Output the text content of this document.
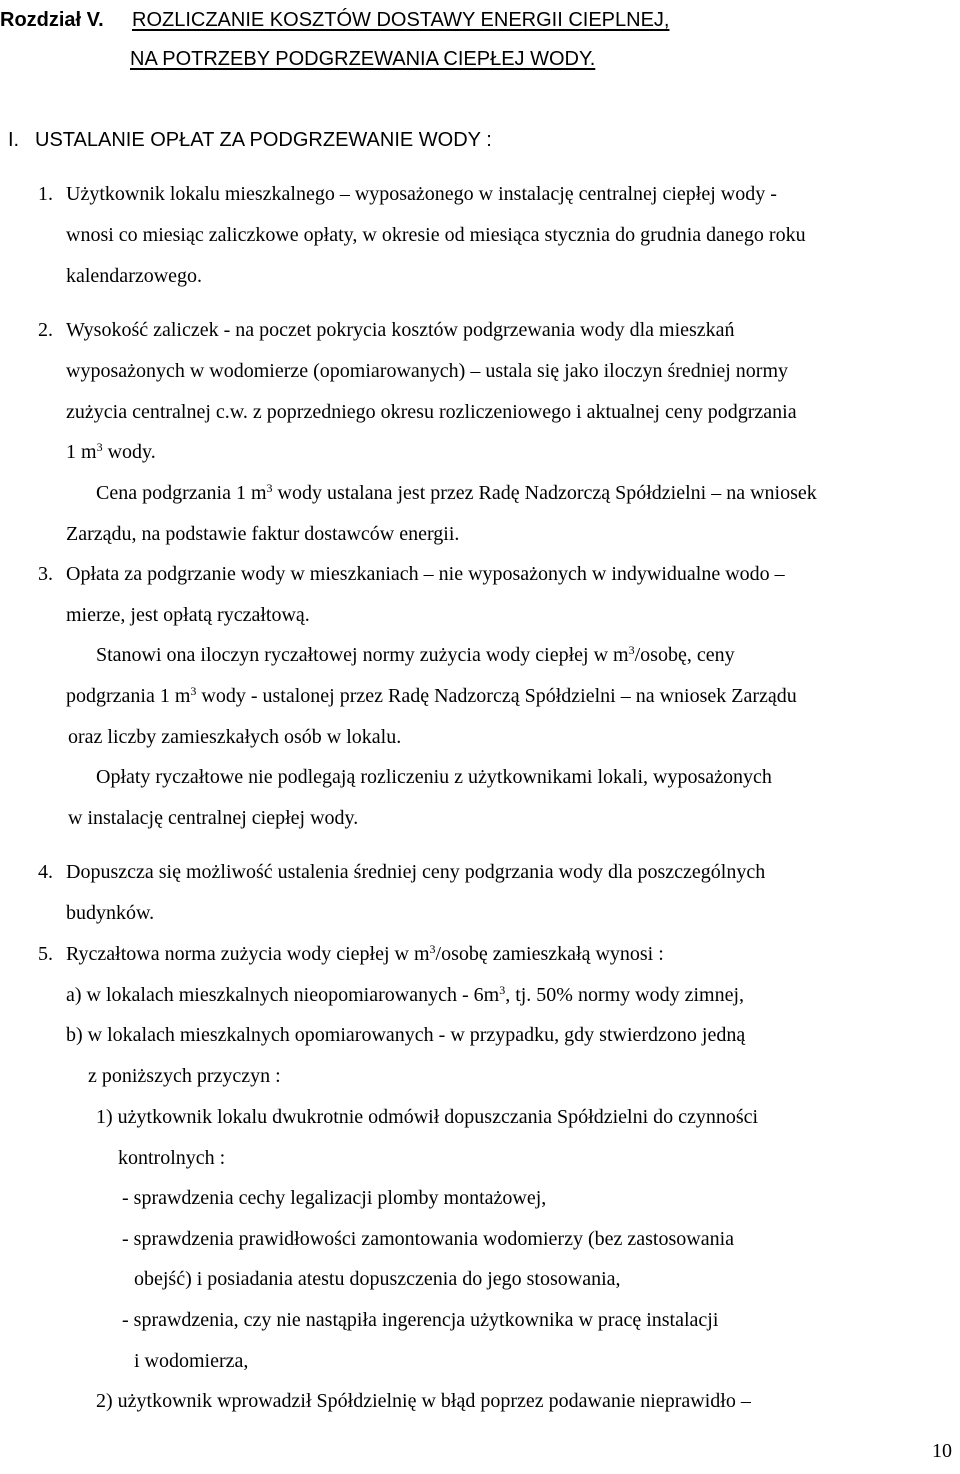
Rozdział V. ROZLICZANIE KOSZTÓW DOSTAWY ENERGII CIEPLNEJ,
NA POTRZEBY PODGRZEWANIA CIEPŁEJ WODY.
I. USTALANIE OPŁAT ZA PODGRZEWANIE WODY :
1. Użytkownik lokalu mieszkalnego – wyposażonego w instalację centralnej ciepłej wody -
wnosi co miesiąc zaliczkowe opłaty, w okresie od miesiąca stycznia do grudnia danego roku
kalendarzowego.
2. Wysokość zaliczek - na poczet pokrycia kosztów podgrzewania wody dla mieszkań
wyposażonych w wodomierze (opomiarowanych) – ustala się jako iloczyn średniej normy
zużycia centralnej c.w. z poprzedniego okresu rozliczeniowego i aktualnej ceny podgrzania
1 $m^3$ wody.
Cena podgrzania 1 $m^3$ wody ustalana jest przez Radę Nadzorczą Spółdzielni – na wniosek
Zarządu, na podstawie faktur dostawców energii.
3. Opłata za podgrzanie wody w mieszkaniach – nie wyposażonych w indywidualne wodo –
mierze, jest opłatą ryczałtową.
Stanowi ona iloczyn ryczałtowej normy zużycia wody ciepłej w $m^3$/osobę, ceny
podgrzania 1 $m^3$ wody - ustalonej przez Radę Nadzorczą Spółdzielni – na wniosek Zarządu
oraz liczby zamieszkałych osób w lokalu.
Opłaty ryczałtowe nie podlegają rozliczeniu z użytkownikami lokali, wyposażonych
w instalację centralnej ciepłej wody.
4. Dopuszcza się możliwość ustalenia średniej ceny podgrzania wody dla poszczególnych
budynków.
5. Ryczałtowa norma zużycia wody ciepłej w $m^3$/osobę zamieszkałą wynosi :
a) w lokalach mieszkalnych nieopomiarowanych - $6m^3$, tj. 50% normy wody zimnej,
b) w lokalach mieszkalnych opomiarowanych - w przypadku, gdy stwierdzono jedną
z poniższych przyczyn :
1) użytkownik lokalu dwukrotnie odmówił dopuszczania Spółdzielni do czynności
kontrolnych :
- sprawdzenia cechy legalizacji plomby montażowej,
- sprawdzenia prawidłowości zamontowania wodomierzy (bez zastosowania
obejść) i posiadania atestu dopuszczenia do jego stosowania,
- sprawdzenia, czy nie nastąpiła ingerencja użytkownika w pracę instalacji
i wodomierza,
2) użytkownik wprowadził Spółdzielnię w błąd poprzez podawanie nieprawidło –
10
